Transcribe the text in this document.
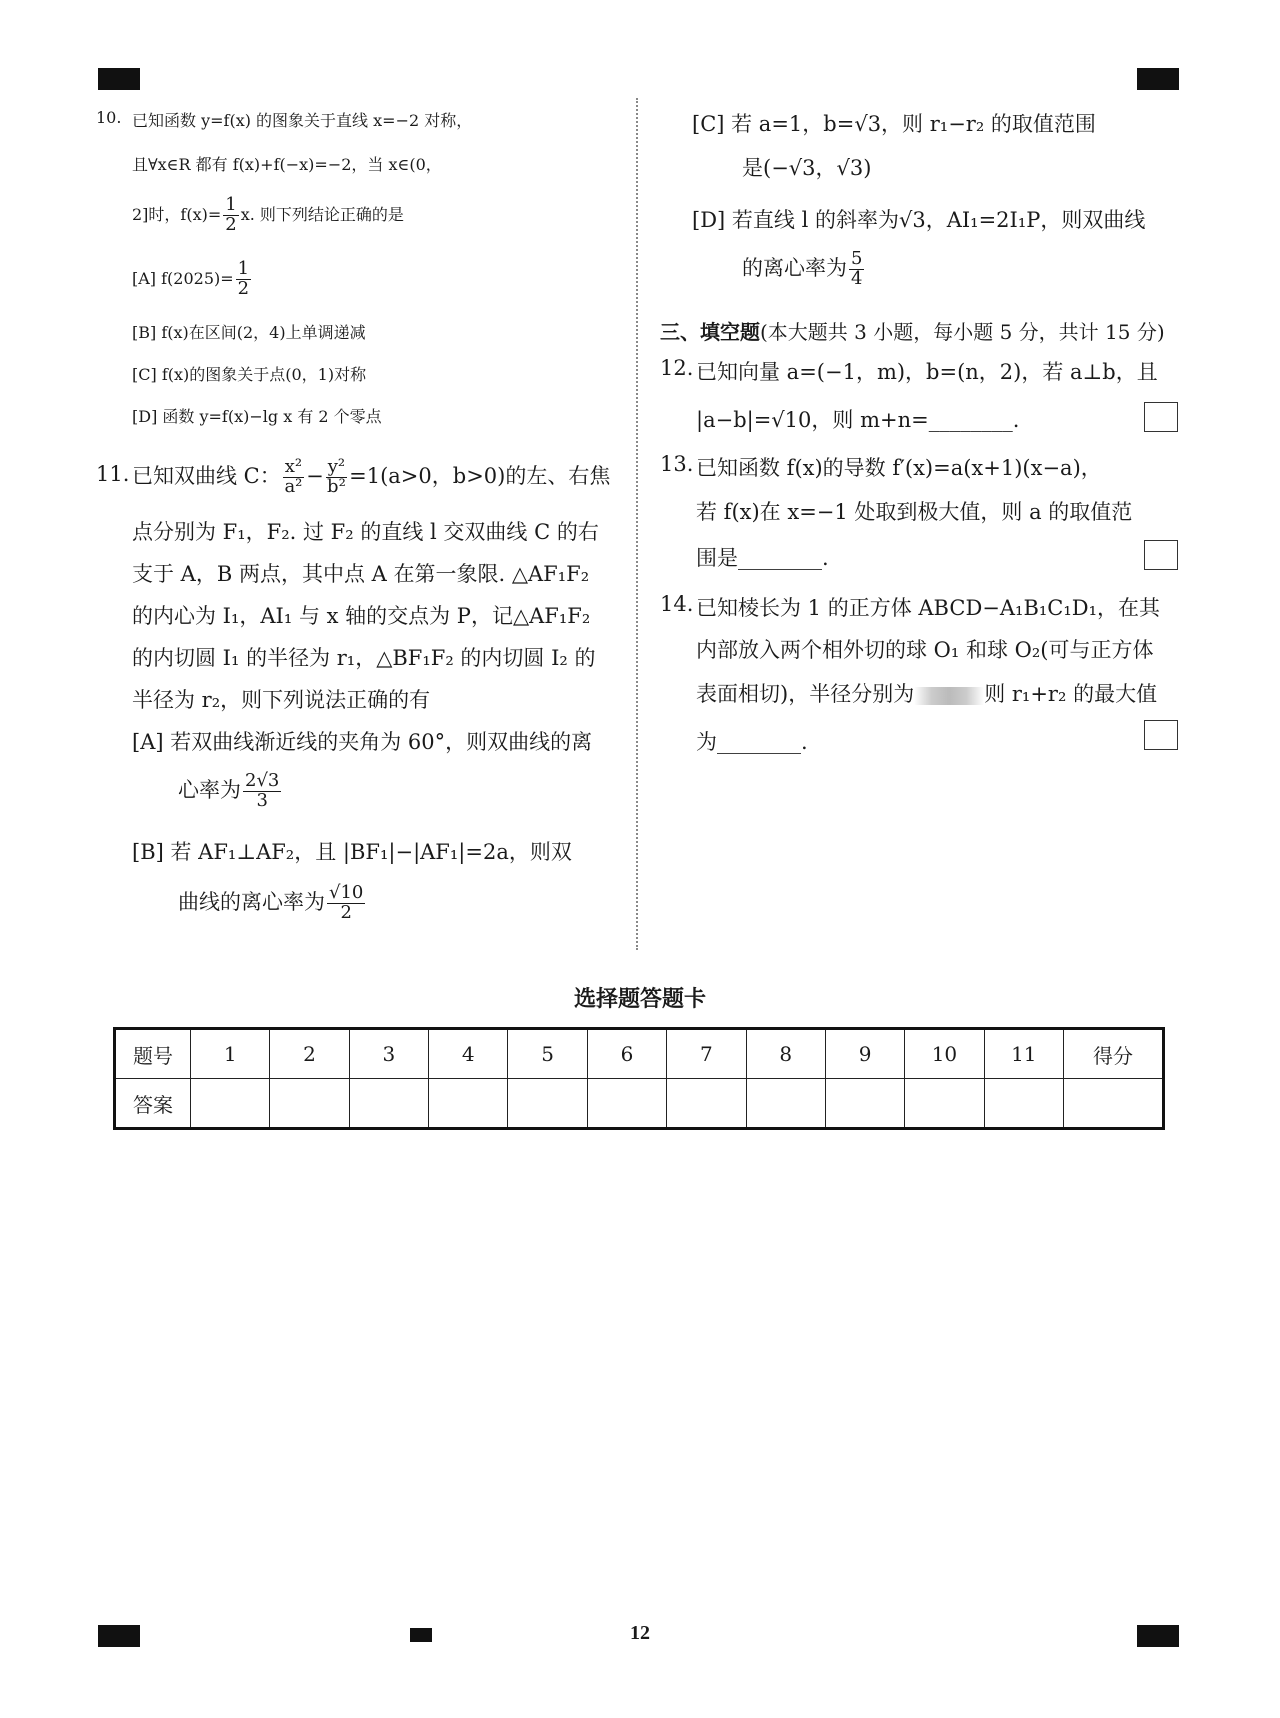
10. 已知函数 y=f(x) 的图象关于直线 x=−2 对称，
且∀x∈R 都有 f(x)+f(−x)=−2，当 x∈(0，
2]时，$f(x)= \frac{1}{2} x$. 则下列结论正确的是
[A] $f(2025)= \frac{1}{2}$
[B] f(x)在区间(2，4)上单调递减
[C] f(x)的图象关于点(0，1)对称
[D] 函数 y=f(x)−lg x 有 2 个零点
11. 已知双曲线 C： $\frac{\text{x²}}{\text{a²}} - \frac{\text{y²}}{\text{b²}} =1(a>0$，b>0)的左、右焦
点分别为 F₁，F₂. 过 F₂ 的直线 l 交双曲线 C 的右
支于 A，B 两点，其中点 A 在第一象限. △AF₁F₂
的内心为 I₁，AI₁ 与 x 轴的交点为 P，记△AF₁F₂
的内切圆 I₁ 的半径为 r₁，△BF₁F₂ 的内切圆 I₂ 的
半径为 r₂，则下列说法正确的有
[A] 若双曲线渐近线的夹角为 60°，则双曲线的离
心率为 $\frac{2√3}{3}$
[B] 若 AF₁⊥AF₂，且 |BF₁|−|AF₁|=2a，则双
曲线的离心率为 $\frac{√10}{2}$
[C] 若 a=1，b=√3，则 r₁−r₂ 的取值范围
是(−√3，√3)
[D] 若直线 l 的斜率为√3，AI₁=2I₁P，则双曲线
的离心率为 $\frac{5}{4}$
三、填空题(本大题共 3 小题，每小题 5 分，共计 15 分)
12. 已知向量 a=(−1，m)，b=(n，2)，若 a⊥b，且
|a−b|=√10，则 m+n=________.
13. 已知函数 f(x)的导数 f′(x)=a(x+1)(x−a)，
若 f(x)在 x=−1 处取到极大值，则 a 的取值范
围是________.
14. 已知棱长为 1 的正方体 ABCD−A₁B₁C₁D₁，在其
内部放入两个相外切的球 O₁ 和球 O₂(可与正方体
表面相切)，半径分别为	则 r₁+r₂ 的最大值
为________.
选择题答题卡
题号	1	2	3	4	5	6	7	8	9	10	11	得分
答案												
12
